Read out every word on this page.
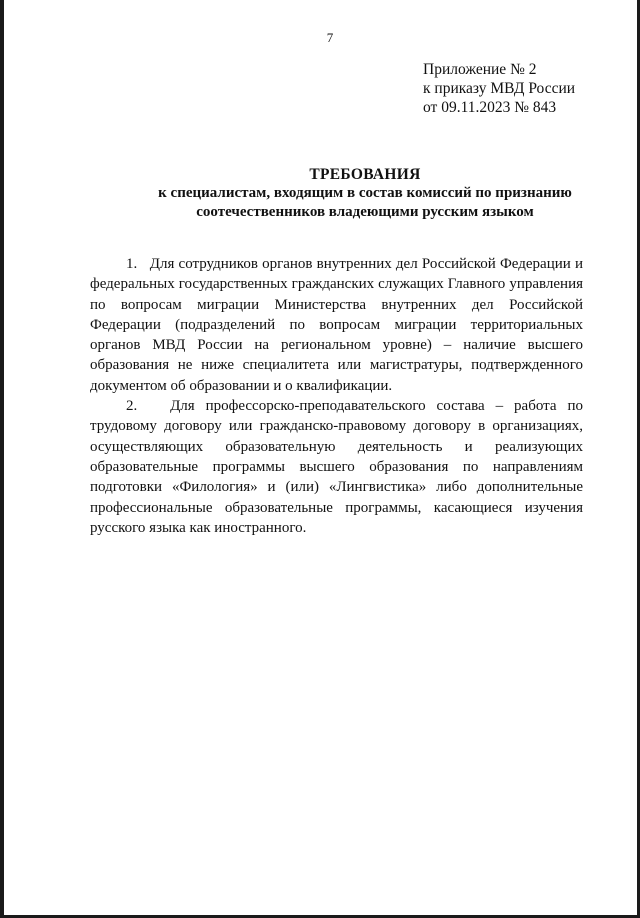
7
Приложение № 2
к приказу МВД России
от 09.11.2023 № 843
ТРЕБОВАНИЯ
к специалистам, входящим в состав комиссий по признанию
соотечественников владеющими русским языком

1. Для сотрудников органов внутренних дел Российской Федерации и федеральных государственных гражданских служащих Главного управления по вопросам миграции Министерства внутренних дел Российской Федерации (подразделений по вопросам миграции территориальных органов МВД России на региональном уровне) – наличие высшего образования не ниже специалитета или магистратуры, подтвержденного документом об образовании и о квалификации.

2. Для профессорско-преподавательского состава – работа по трудовому договору или гражданско-правовому договору в организациях, осуществляющих образовательную деятельность и реализующих образовательные программы высшего образования по направлениям подготовки «Филология» и (или) «Лингвистика» либо дополнительные профессиональные образовательные программы, касающиеся изучения русского языка как иностранного.
